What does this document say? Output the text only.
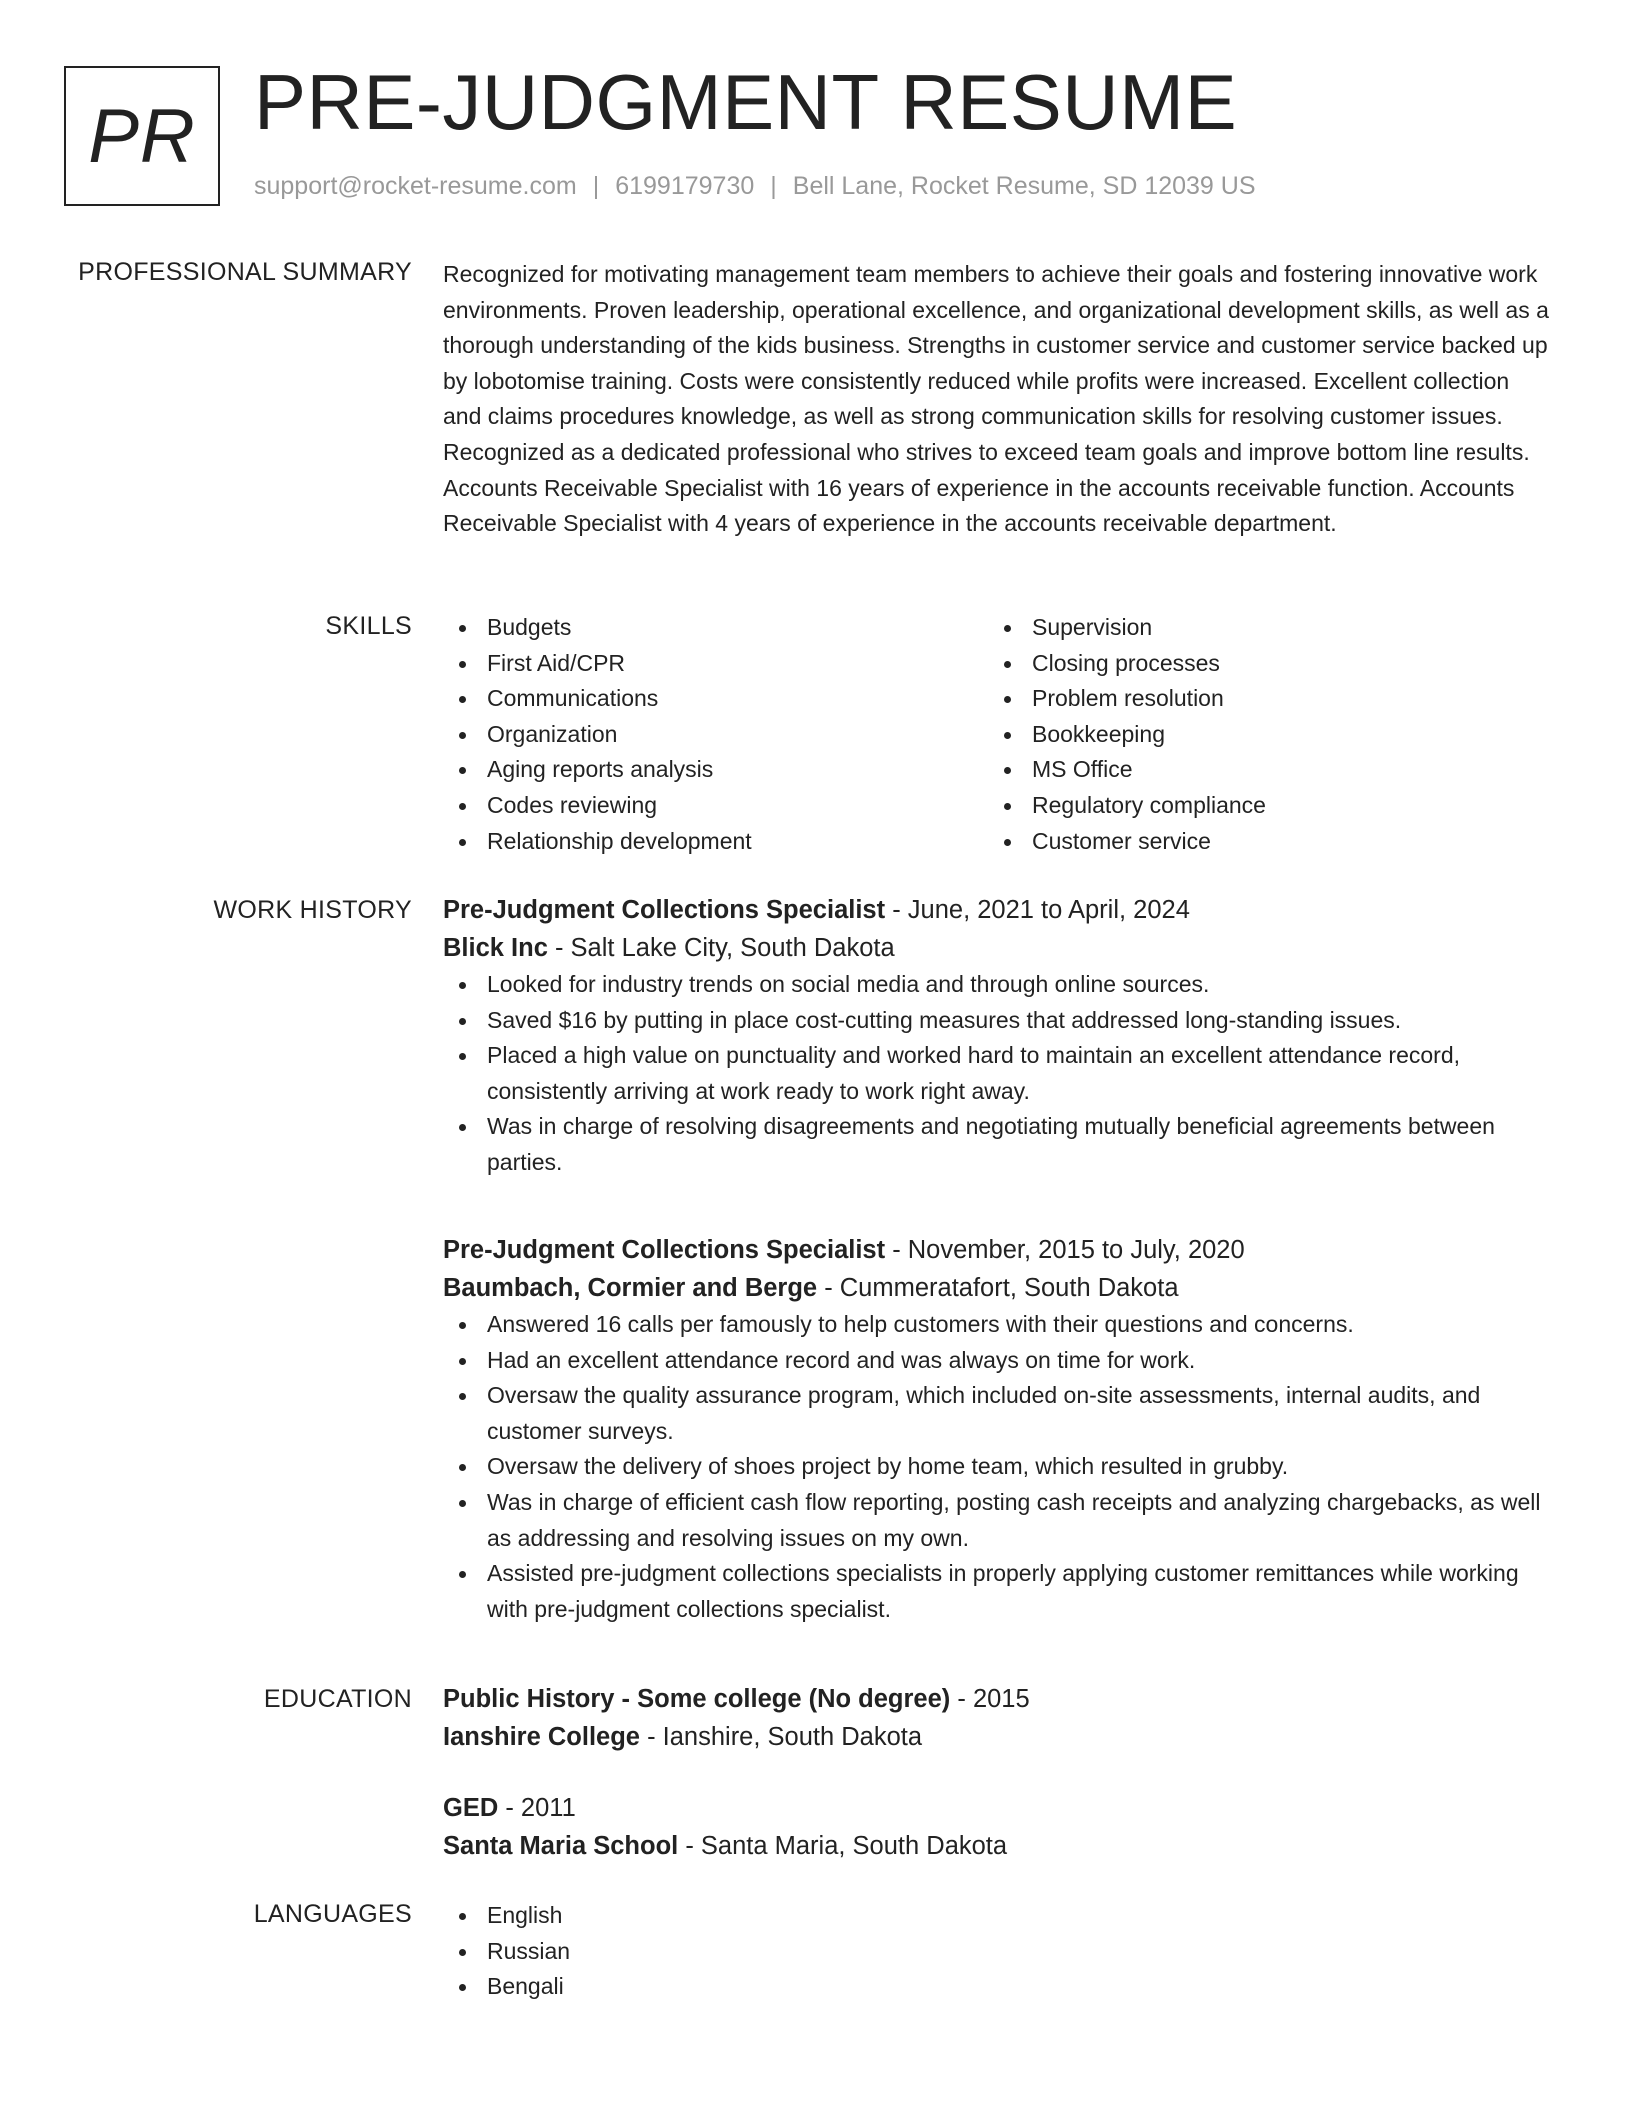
PR PRE-JUDGMENT RESUME
support@rocket-resume.com | 6199179730 | Bell Lane, Rocket Resume, SD 12039 US
PROFESSIONAL SUMMARY Recognized for motivating management team members to achieve their goals and fostering innovative work environments. Proven leadership, operational excellence, and organizational development skills, as well as a thorough understanding of the kids business. Strengths in customer service and customer service backed up by lobotomise training. Costs were consistently reduced while profits were increased. Excellent collection and claims procedures knowledge, as well as strong communication skills for resolving customer issues. Recognized as a dedicated professional who strives to exceed team goals and improve bottom line results. Accounts Receivable Specialist with 16 years of experience in the accounts receivable function. Accounts Receivable Specialist with 4 years of experience in the accounts receivable department.

SKILLS	Budgets
First Aid/CPR
Communications
Organization
Aging reports analysis
Codes reviewing
Relationship development
Supervision
Closing processes
Problem resolution
Bookkeeping
MS Office
Regulatory compliance
Customer service
WORK HISTORY Pre-Judgment Collections Specialist - June, 2021 to April, 2024
Blick Inc - Salt Lake City, South Dakota
Looked for industry trends on social media and through online sources.
Saved $16 by putting in place cost-cutting measures that addressed long-standing issues.
Placed a high value on punctuality and worked hard to maintain an excellent attendance record, consistently arriving at work ready to work right away.
Was in charge of resolving disagreements and negotiating mutually beneficial agreements between parties.
Pre-Judgment Collections Specialist - November, 2015 to July, 2020
Baumbach, Cormier and Berge - Cummeratafort, South Dakota
Answered 16 calls per famously to help customers with their questions and concerns.
Had an excellent attendance record and was always on time for work.
Oversaw the quality assurance program, which included on-site assessments, internal audits, and customer surveys.
Oversaw the delivery of shoes project by home team, which resulted in grubby.
Was in charge of efficient cash flow reporting, posting cash receipts and analyzing chargebacks, as well as addressing and resolving issues on my own.
Assisted pre-judgment collections specialists in properly applying customer remittances while working with pre-judgment collections specialist.
EDUCATION Public History - Some college (No degree) - 2015
Ianshire College - Ianshire, South Dakota
GED - 2011
Santa Maria School - Santa Maria, South Dakota
LANGUAGES	English
Russian
Bengali
